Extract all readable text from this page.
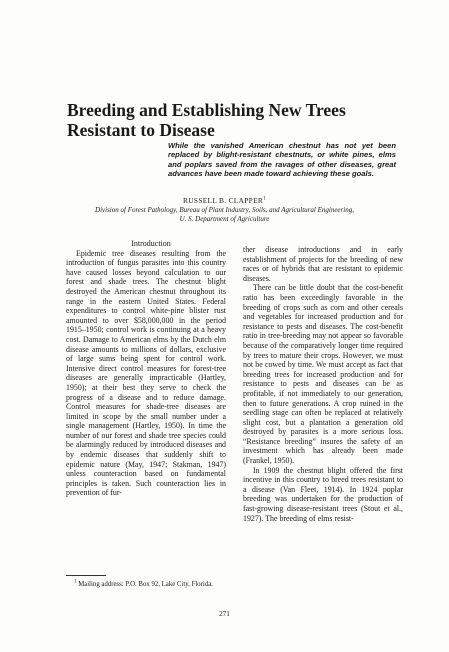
Breeding and Establishing New Trees Resistant to Disease

While the vanished American chestnut has not yet been replaced by blight-resistant chestnuts, or white pines, elms and poplars saved from the ravages of other diseases, great advances have been made toward achieving these goals.

RUSSELL B. CLAPPER$^1$

Division of Forest Pathology, Bureau of Plant Industry, Soils, and Agricultural Engineering,
U. S. Department of Agriculture

Introduction

Epidemic tree diseases resulting from the introduction of fungus parasites into this country have caused losses beyond calculation to our forest and shade trees. The chestnut blight destroyed the American chestnut throughout its range in the eastern United States. Federal expenditures to control white-pine blister rust amounted to over $58,000,000 in the period 1915–1950; control work is continuing at a heavy cost. Damage to American elms by the Dutch elm disease amounts to millions of dollars, exclusive of large sums being spent for control work. Intensive direct control measures for forest-tree diseases are generally impracticable (Hartley, 1950); at their best they serve to check the progress of a disease and to reduce damage. Control measures for shade-tree diseases are limited in scope by the small number under a single management (Hartley, 1950). In time the number of our forest and shade tree species could be alarmingly reduced by introduced diseases and by endemic diseases that suddenly shift to epidemic nature (May, 1947; Stakman, 1947) unless counteraction based on fundamental principles is taken. Such counteraction lies in prevention of fur-

ther disease introductions and in early establishment of projects for the breeding of new races or of hybrids that are resistant to epidemic diseases.

There can be little doubt that the cost-benefit ratio has been exceedingly favorable in the breeding of crops such as corn and other cereals and vegetables for increased production and for resistance to pests and diseases. The cost-benefit ratio in tree-breeding may not appear so favorable because of the comparatively longer time required by trees to mature their crops. However, we must not be cowed by time. We must accept as fact that breeding trees for increased production and for resistance to pests and diseases can be as profitable, if not immediately to our generation, then to future generations. A crop ruined in the seedling stage can often be replaced at relatively slight cost, but a plantation a generation old destroyed by parasites is a more serious loss. “Resistance breeding” insures the safety of an investment which has already been made (Frankel, 1950).

In 1909 the chestnut blight offered the first incentive in this country to breed trees resistant to a disease (Van Fleet, 1914). In 1924 poplar breeding was undertaken for the production of fast-growing disease-resistant trees (Stout et al., 1927). The breeding of elms resist-

$^1$ Mailing address: P.O. Box 92, Lake City, Florida.

271
